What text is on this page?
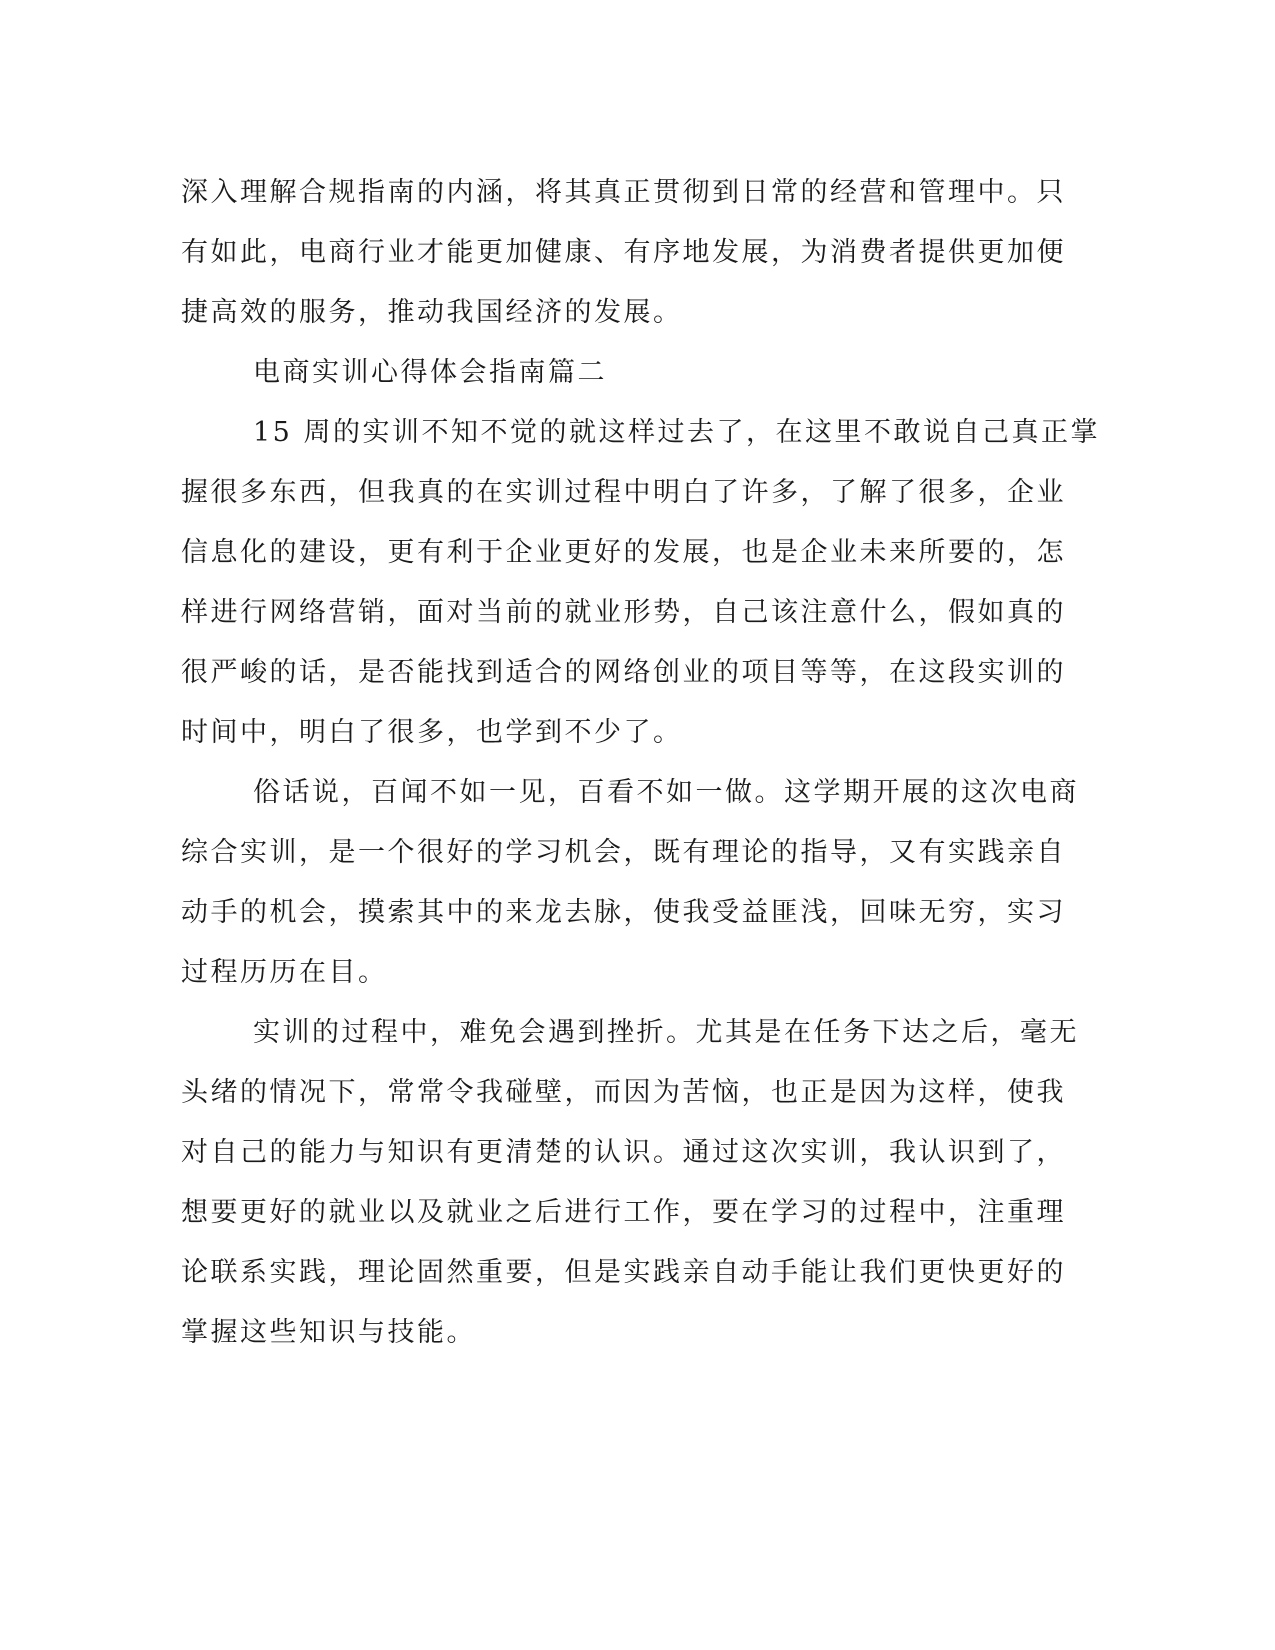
深入理解合规指南的内涵，将其真正贯彻到日常的经营和管理中。只
有如此，电商行业才能更加健康、有序地发展，为消费者提供更加便
捷高效的服务，推动我国经济的发展。
电商实训心得体会指南篇二
15 周的实训不知不觉的就这样过去了，在这里不敢说自己真正掌
握很多东西，但我真的在实训过程中明白了许多，了解了很多，企业
信息化的建设，更有利于企业更好的发展，也是企业未来所要的，怎
样进行网络营销，面对当前的就业形势，自己该注意什么，假如真的
很严峻的话，是否能找到适合的网络创业的项目等等，在这段实训的
时间中，明白了很多，也学到不少了。
俗话说，百闻不如一见，百看不如一做。这学期开展的这次电商
综合实训，是一个很好的学习机会，既有理论的指导，又有实践亲自
动手的机会，摸索其中的来龙去脉，使我受益匪浅，回味无穷，实习
过程历历在目。
实训的过程中，难免会遇到挫折。尤其是在任务下达之后，毫无
头绪的情况下，常常令我碰壁，而因为苦恼，也正是因为这样，使我
对自己的能力与知识有更清楚的认识。通过这次实训，我认识到了，
想要更好的就业以及就业之后进行工作，要在学习的过程中，注重理
论联系实践，理论固然重要，但是实践亲自动手能让我们更快更好的
掌握这些知识与技能。
